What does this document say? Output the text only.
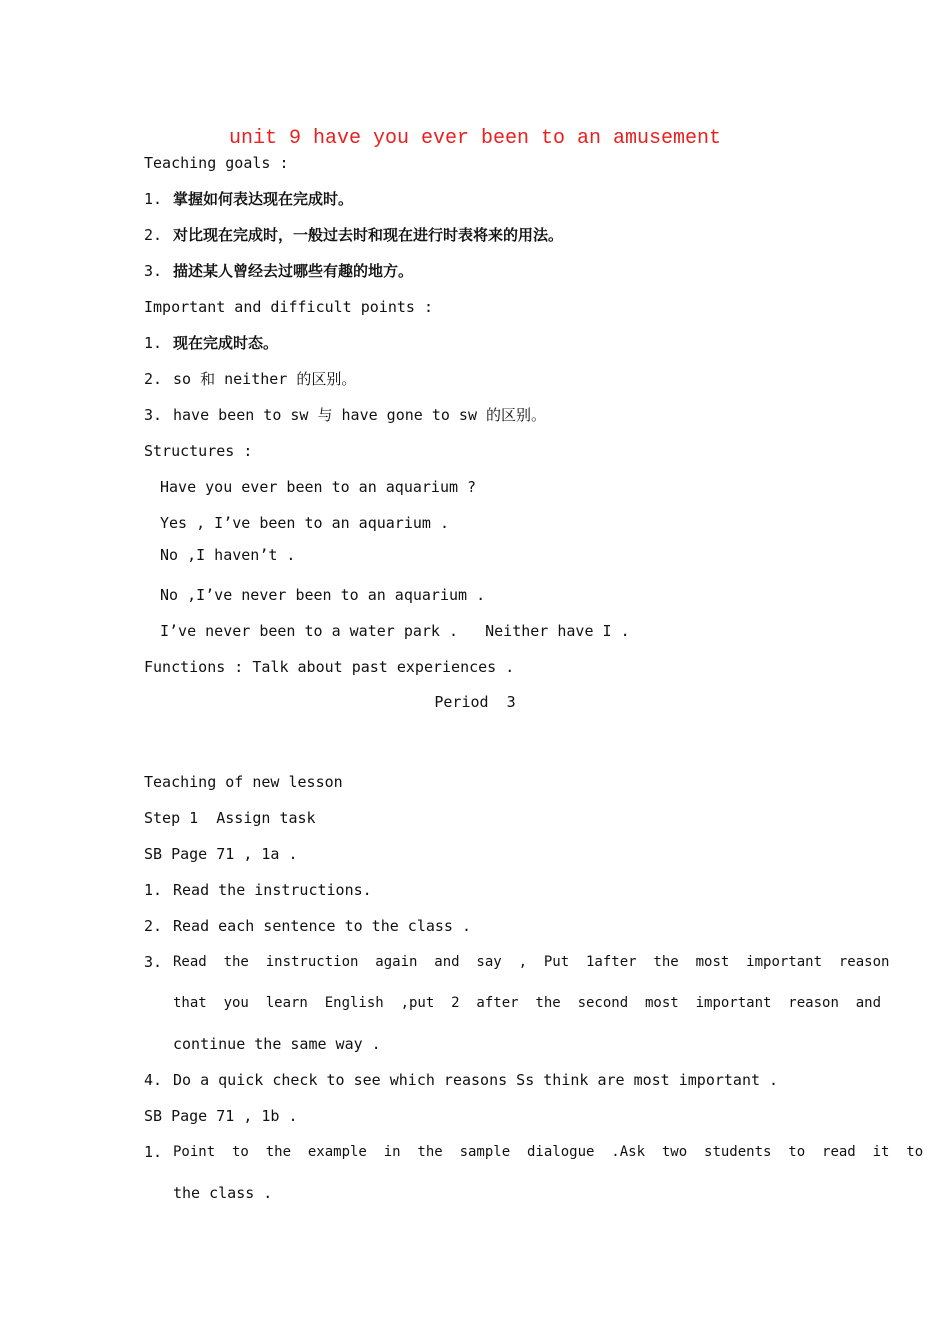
unit 9 have you ever been to an amusement
Teaching goals :
1. 掌握如何表达现在完成时。
2. 对比现在完成时，一般过去时和现在进行时表将来的用法。
3. 描述某人曾经去过哪些有趣的地方。
Important and difficult points :
1. 现在完成时态。
2. so 和 neither 的区别。
3. have been to sw 与 have gone to sw 的区别。
Structures :
Have you ever been to an aquarium ?
Yes , I’ve been to an aquarium .
No ,I haven’t .
No ,I’ve never been to an aquarium .
I’ve never been to a water park .   Neither have I .
Functions : Talk about past experiences .
Period  3
Teaching of new lesson
Step 1  Assign task
SB Page 71 , 1a .
1. Read the instructions.
2. Read each sentence to the class .
3. Read  the  instruction  again  and  say  ,  Put  1after  the  most  important  reason
that  you  learn  English  ,put  2  after  the  second  most  important  reason  and
continue the same way .
4. Do a quick check to see which reasons Ss think are most important .
SB Page 71 , 1b .
1. Point  to  the  example  in  the  sample  dialogue  .Ask  two  students  to  read  it  to
the class .
